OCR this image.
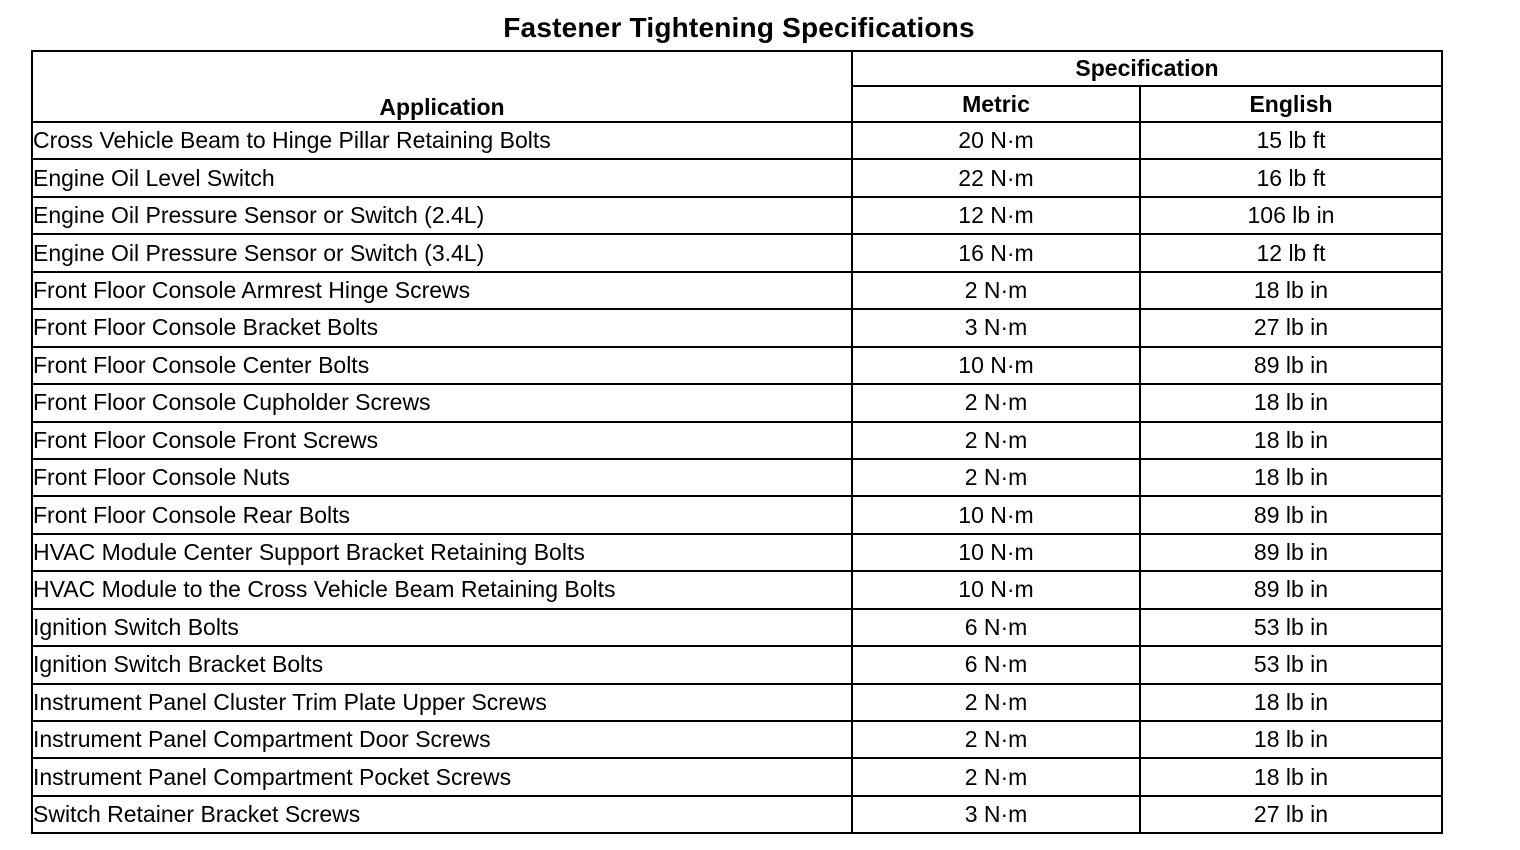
Fastener Tightening Specifications
Application	Specification	
	Metric	English
Cross Vehicle Beam to Hinge Pillar Retaining Bolts	20 N·m	15 lb ft
Engine Oil Level Switch	22 N·m	16 lb ft
Engine Oil Pressure Sensor or Switch (2.4L)	12 N·m	106 lb in
Engine Oil Pressure Sensor or Switch (3.4L)	16 N·m	12 lb ft
Front Floor Console Armrest Hinge Screws	2 N·m	18 lb in
Front Floor Console Bracket Bolts	3 N·m	27 lb in
Front Floor Console Center Bolts	10 N·m	89 lb in
Front Floor Console Cupholder Screws	2 N·m	18 lb in
Front Floor Console Front Screws	2 N·m	18 lb in
Front Floor Console Nuts	2 N·m	18 lb in
Front Floor Console Rear Bolts	10 N·m	89 lb in
HVAC Module Center Support Bracket Retaining Bolts	10 N·m	89 lb in
HVAC Module to the Cross Vehicle Beam Retaining Bolts	10 N·m	89 lb in
Ignition Switch Bolts	6 N·m	53 lb in
Ignition Switch Bracket Bolts	6 N·m	53 lb in
Instrument Panel Cluster Trim Plate Upper Screws	2 N·m	18 lb in
Instrument Panel Compartment Door Screws	2 N·m	18 lb in
Instrument Panel Compartment Pocket Screws	2 N·m	18 lb in
Switch Retainer Bracket Screws	3 N·m	27 lb in
